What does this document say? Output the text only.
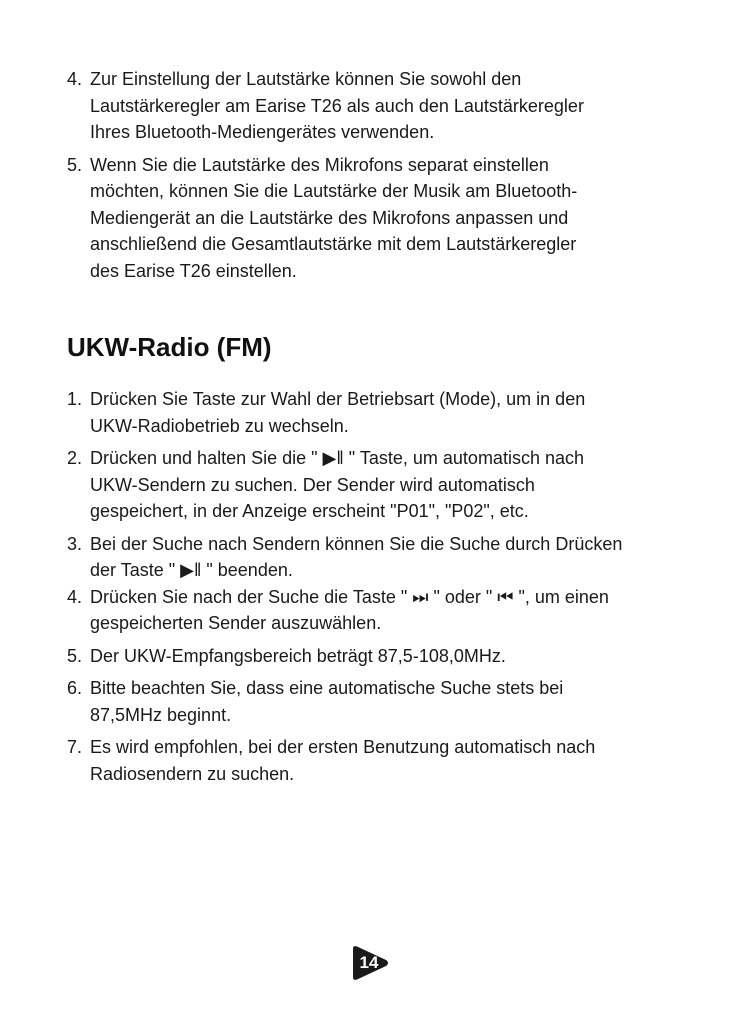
4. Zur Einstellung der Lautstärke können Sie sowohl den
Lautstärkeregler am Earise T26 als auch den Lautstärkeregler
Ihres Bluetooth-Mediengerätes verwenden.
5. Wenn Sie die Lautstärke des Mikrofons separat einstellen
möchten, können Sie die Lautstärke der Musik am Bluetooth-
Mediengerät an die Lautstärke des Mikrofons anpassen und
anschließend die Gesamtlautstärke mit dem Lautstärkeregler
des Earise T26 einstellen.
UKW-Radio (FM)
1. Drücken Sie Taste zur Wahl der Betriebsart (Mode), um in den
UKW-Radiobetrieb zu wechseln.
2. Drücken und halten Sie die " ▶ǁ " Taste, um automatisch nach
UKW-Sendern zu suchen. Der Sender wird automatisch
gespeichert, in der Anzeige erscheint "P01", "P02", etc.
3. Bei der Suche nach Sendern können Sie die Suche durch Drücken
der Taste " ▶ǁ " beenden.
4. Drücken Sie nach der Suche die Taste " ⏭ " oder " ⏮ ", um einen
gespeicherten Sender auszuwählen.
5. Der UKW-Empfangsbereich beträgt 87,5-108,0MHz.
6. Bitte beachten Sie, dass eine automatische Suche stets bei
87,5MHz beginnt.
7. Es wird empfohlen, bei der ersten Benutzung automatisch nach
Radiosendern zu suchen.
14
